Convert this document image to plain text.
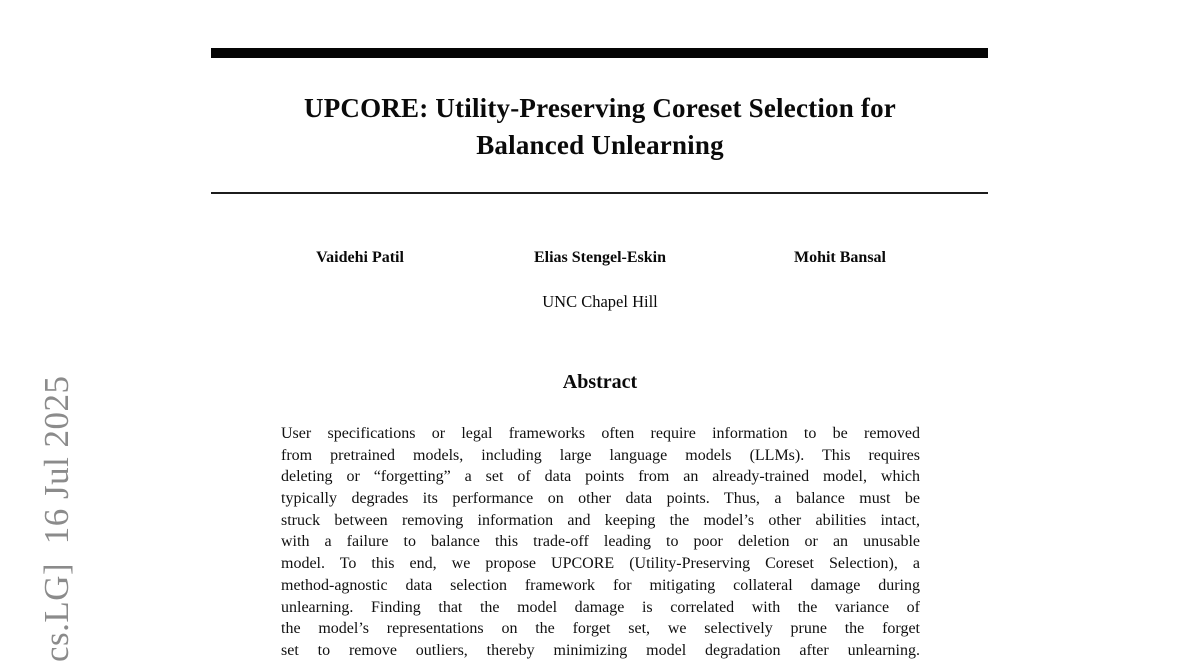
cs.LG]  16 Jul 2025
UPCORE: Utility-Preserving Coreset Selection for
Balanced Unlearning
Vaidehi Patil	Elias Stengel-Eskin	Mohit Bansal
UNC Chapel Hill
Abstract
User specifications or legal frameworks often require information to be removed
from pretrained models, including large language models (LLMs). This requires
deleting or “forgetting” a set of data points from an already-trained model, which
typically degrades its performance on other data points. Thus, a balance must be
struck between removing information and keeping the model’s other abilities intact,
with a failure to balance this trade-off leading to poor deletion or an unusable
model. To this end, we propose UPCORE (Utility-Preserving Coreset Selection), a
method-agnostic data selection framework for mitigating collateral damage during
unlearning. Finding that the model damage is correlated with the variance of
the model’s representations on the forget set, we selectively prune the forget
set to remove outliers, thereby minimizing model degradation after unlearning.
